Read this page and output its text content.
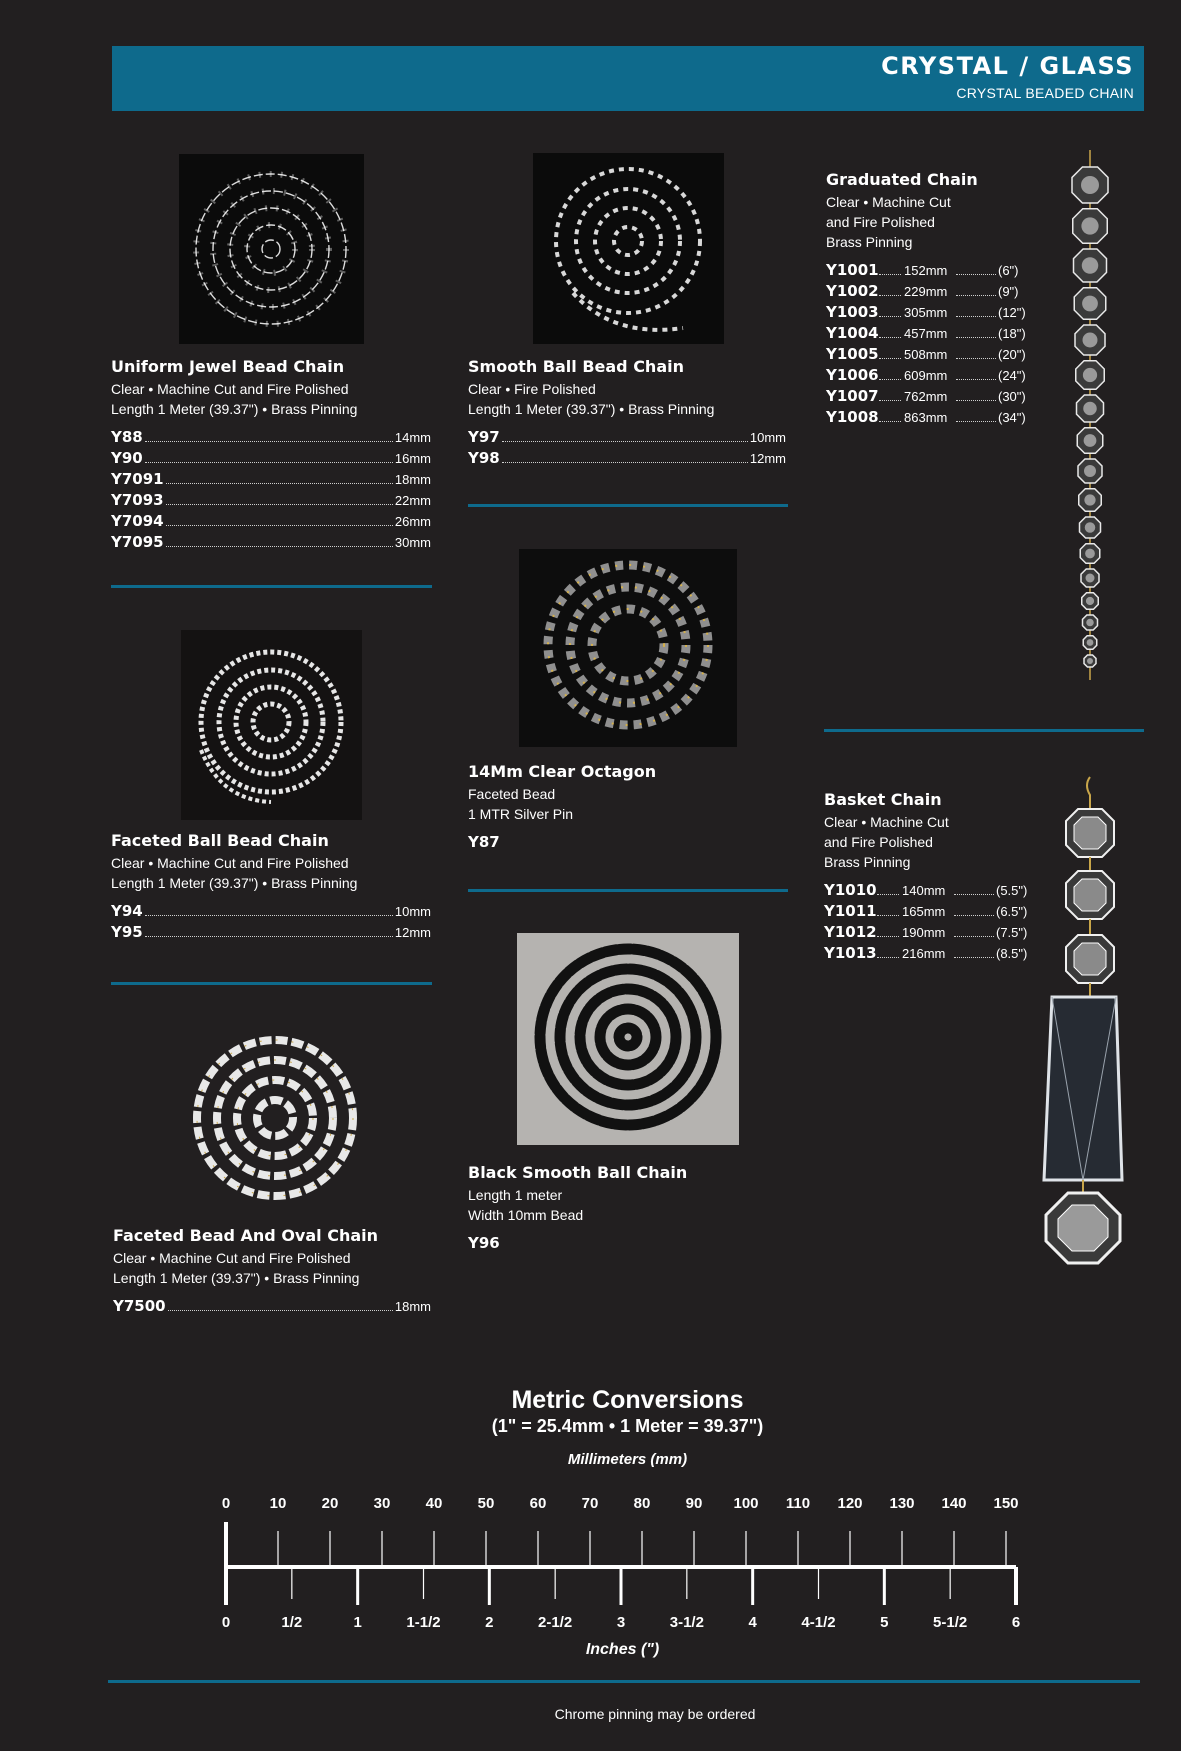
CRYSTAL / GLASS
CRYSTAL BEADED CHAIN
Uniform Jewel Bead Chain
Clear • Machine Cut and Fire Polished
Length 1 Meter (39.37") • Brass Pinning
Y88	14mm
Y90	16mm
Y7091	18mm
Y7093	22mm
Y7094	26mm
Y7095	30mm
Faceted Ball Bead Chain
Clear • Machine Cut and Fire Polished
Length 1 Meter (39.37") • Brass Pinning
Y94	10mm
Y95	12mm
Faceted Bead And Oval Chain
Clear • Machine Cut and Fire Polished
Length 1 Meter (39.37") • Brass Pinning
Y7500	18mm
Smooth Ball Bead Chain
Clear • Fire Polished
Length 1 Meter (39.37") • Brass Pinning
Y97	10mm
Y98	12mm
14Mm Clear Octagon
Faceted Bead
1 MTR Silver Pin
Y87
Black Smooth Ball Chain
Length 1 meter
Width 10mm Bead
Y96
Graduated Chain
Clear • Machine Cut
and Fire Polished
Brass Pinning
Y1001 152mm	(6")
Y1002 229mm	(9")
Y1003 305mm	(12")
Y1004 457mm	(18")
Y1005 508mm	(20")
Y1006 609mm	(24")
Y1007 762mm	(30")
Y1008 863mm	(34")
Basket Chain
Clear • Machine Cut
and Fire Polished
Brass Pinning
Y1010 140mm	(5.5")
Y1011 165mm	(6.5")
Y1012 190mm	(7.5")
Y1013 216mm	(8.5")
Metric Conversions
(1" = 25.4mm • 1 Meter = 39.37")
Millimeters (mm)
0	10 20 30 40 50 60 70 80 90 100 110 120 130 140 150
0	1/2	1	1-1/2	2	2-1/2	3	3-1/2	4	4-1/2	5	5-1/2	6
Inches (")
Chrome pinning may be ordered
